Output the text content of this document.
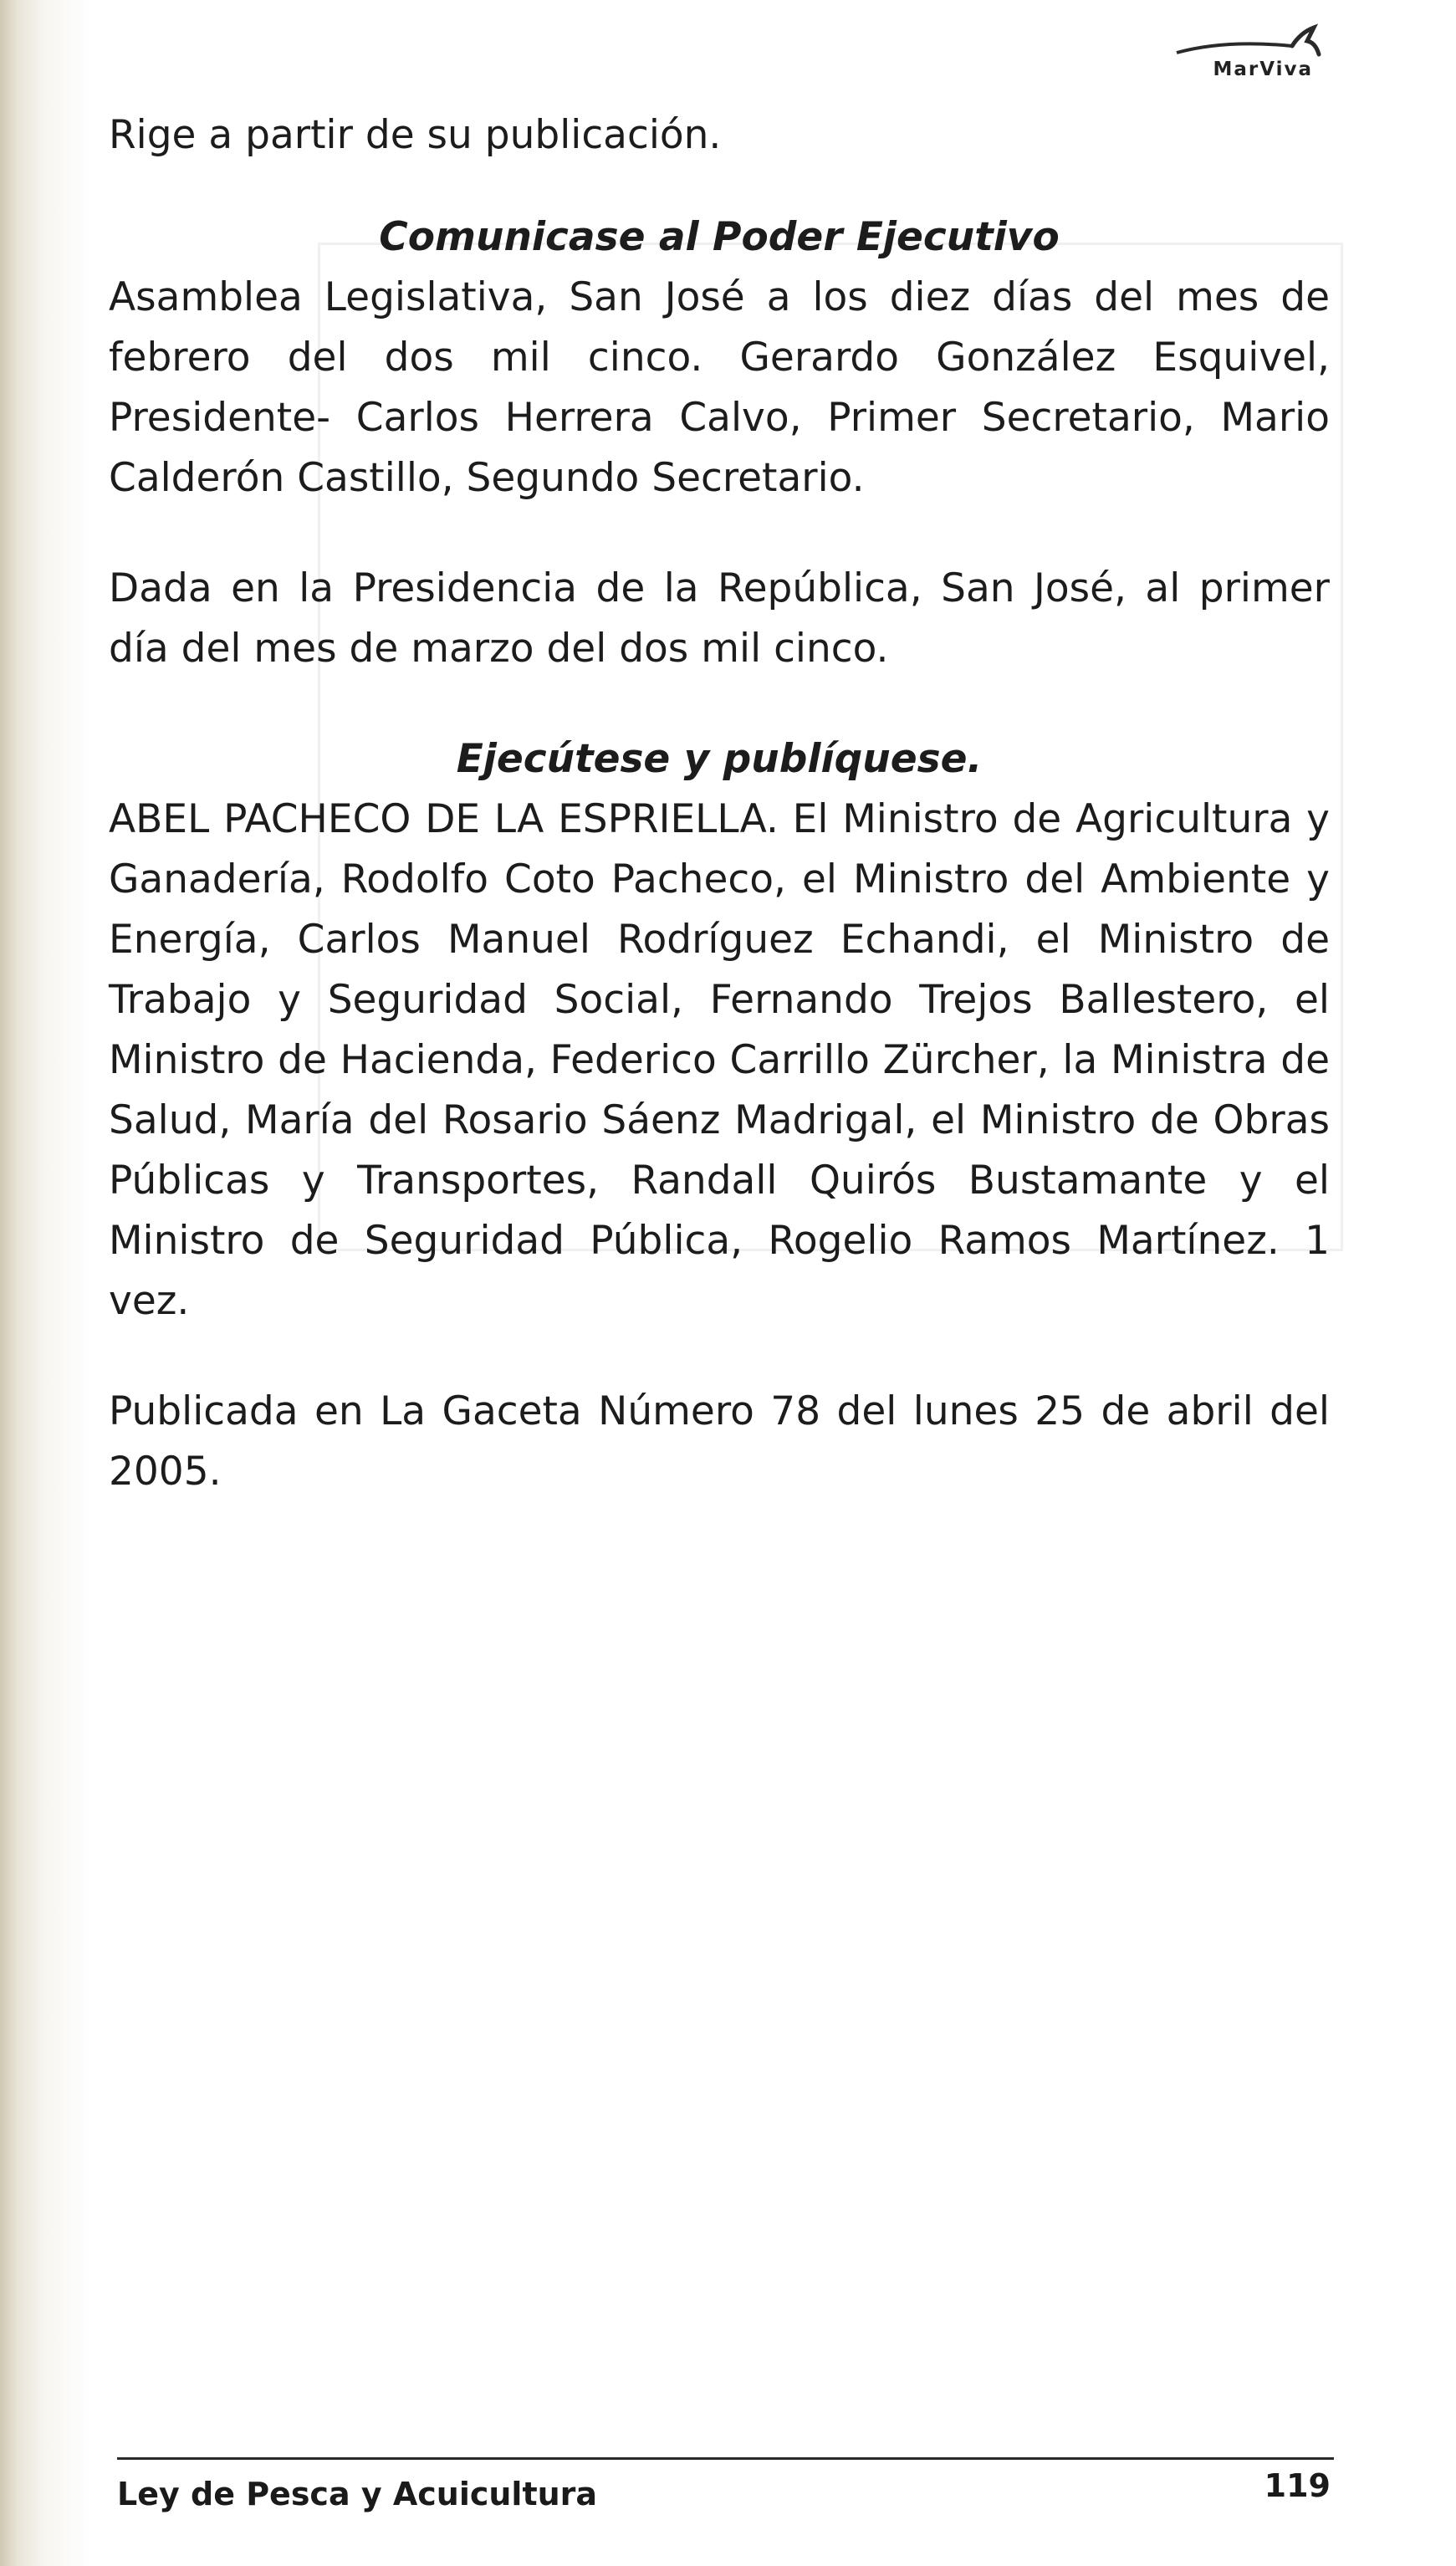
MarViva

Rige a partir de su publicación.

Comunicase al Poder Ejecutivo

Asamblea Legislativa, San José a los diez días del mes de febrero del dos mil cinco. Gerardo González Esquivel, Presidente- Carlos Herrera Calvo, Primer Secretario, Mario Calderón Castillo, Segundo Secretario.

Dada en la Presidencia de la República, San José, al primer día del mes de marzo del dos mil cinco.

Ejecútese y publíquese.

ABEL PACHECO DE LA ESPRIELLA. El Ministro de Agricultura y Ganadería, Rodolfo Coto Pacheco, el Ministro del Ambiente y Energía, Carlos Manuel Rodríguez Echandi, el Ministro de Trabajo y Seguridad Social, Fernando Trejos Ballestero, el Ministro de Hacienda, Federico Carrillo Zürcher, la Ministra de Salud, María del Rosario Sáenz Madrigal, el Ministro de Obras Públicas y Transportes, Randall Quirós Bustamante y el Ministro de Seguridad Pública, Rogelio Ramos Martínez. 1 vez.

Publicada en La Gaceta Número 78 del lunes 25 de abril del 2005.

Ley de Pesca y Acuicultura	119
